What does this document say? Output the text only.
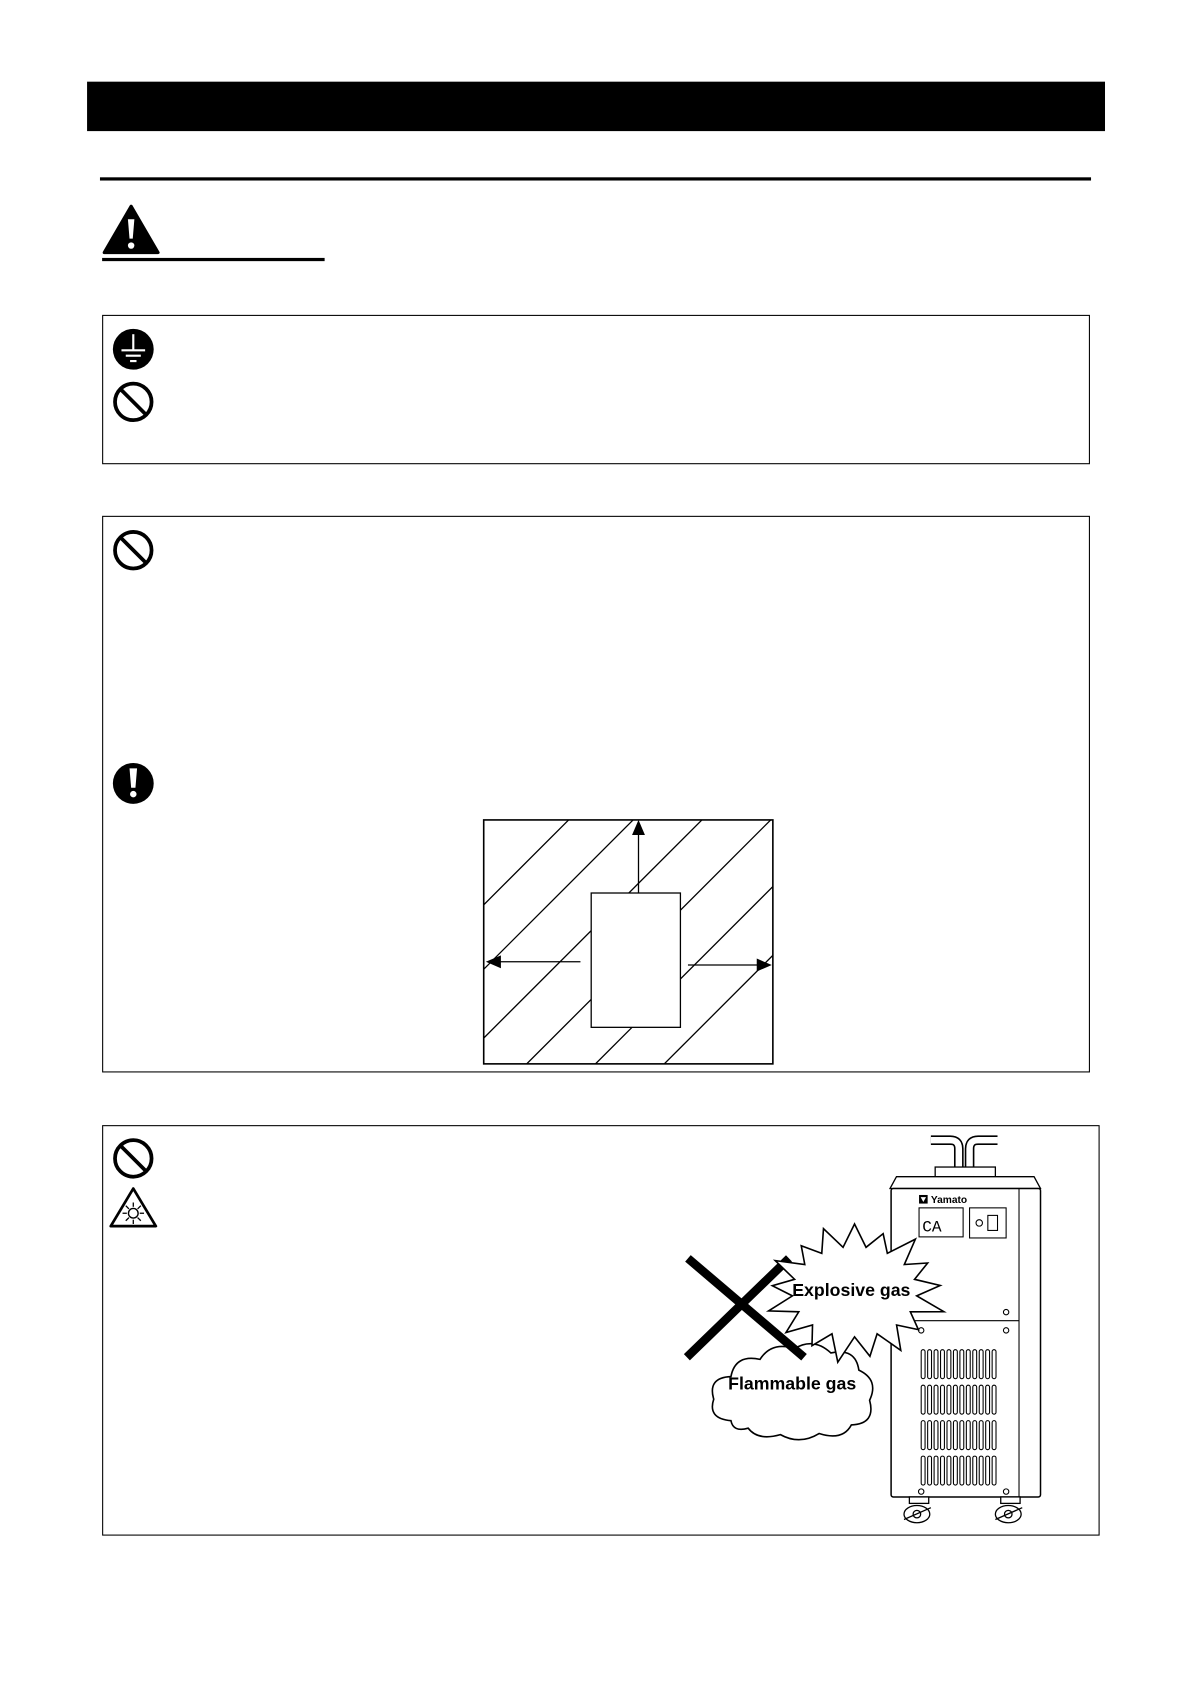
Yamato
CA
Flammable gas
Explosive gas
